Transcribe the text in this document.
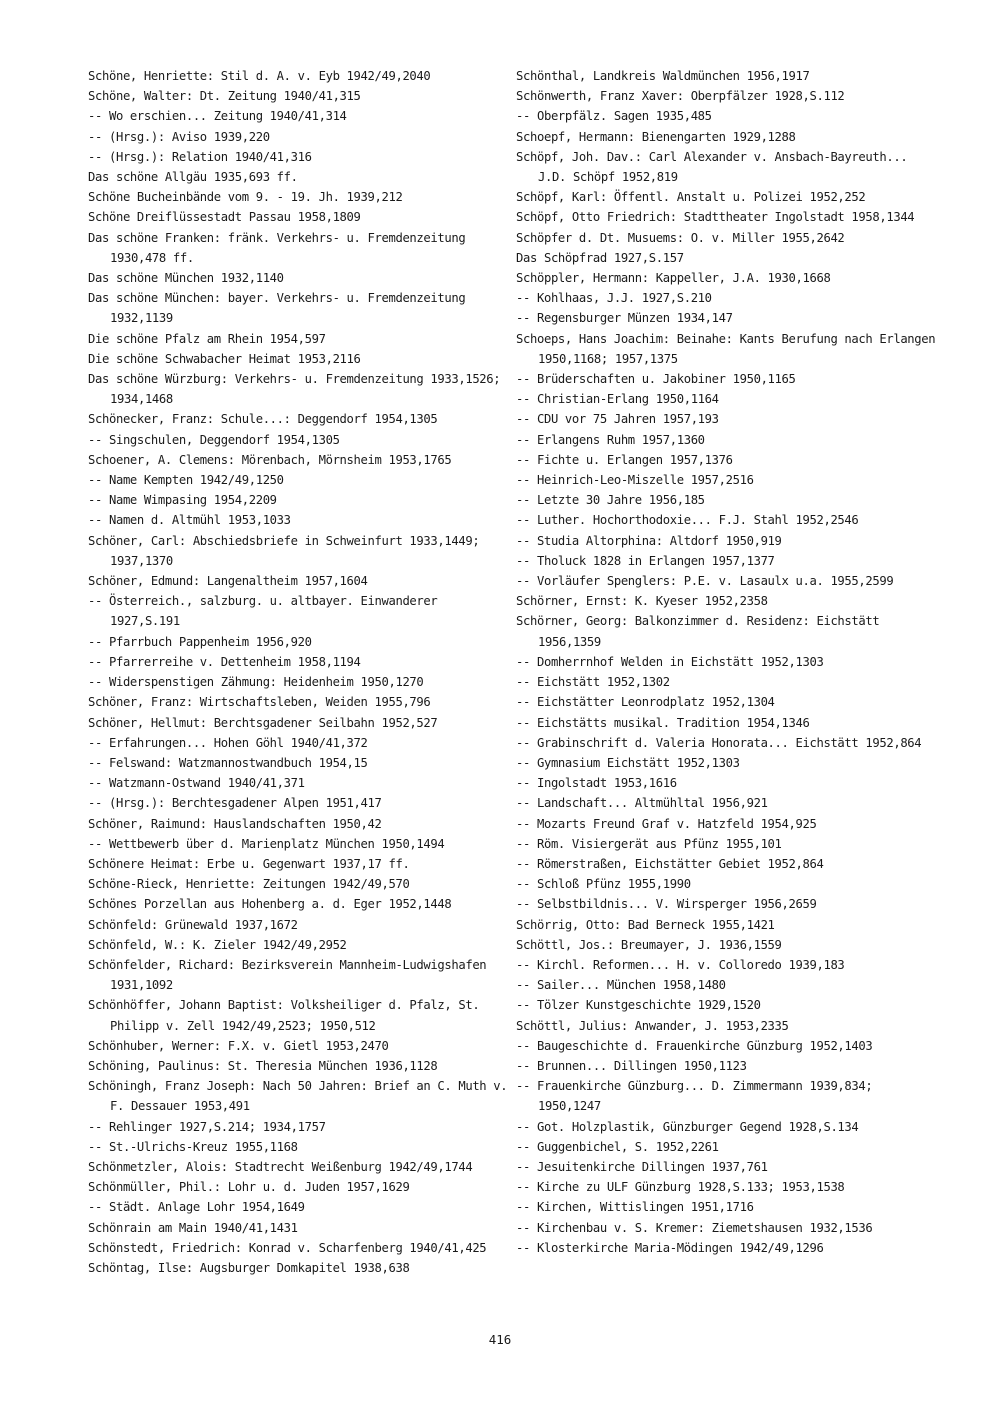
Schöne, Henriette: Stil d. A. v. Eyb 1942/49,2040
Schöne, Walter: Dt. Zeitung 1940/41,315
-- Wo erschien... Zeitung 1940/41,314
-- (Hrsg.): Aviso 1939,220
-- (Hrsg.): Relation 1940/41,316
Das schöne Allgäu 1935,693 ff.
Schöne Bucheinbände vom 9. - 19. Jh. 1939,212
Schöne Dreiflüssestadt Passau 1958,1809
Das schöne Franken: fränk. Verkehrs- u. Fremdenzeitung 1930,478 ff.
Das schöne München 1932,1140
Das schöne München: bayer. Verkehrs- u. Fremdenzeitung 1932,1139
Die schöne Pfalz am Rhein 1954,597
Die schöne Schwabacher Heimat 1953,2116
Das schöne Würzburg: Verkehrs- u. Fremdenzeitung 1933,1526; 1934,1468
Schönecker, Franz: Schule...: Deggendorf 1954,1305
-- Singschulen, Deggendorf 1954,1305
Schoener, A. Clemens: Mörenbach, Mörnsheim 1953,1765
-- Name Kempten 1942/49,1250
-- Name Wimpasing 1954,2209
-- Namen d. Altmühl 1953,1033
Schöner, Carl: Abschiedsbriefe in Schweinfurt 1933,1449; 1937,1370
Schöner, Edmund: Langenaltheim 1957,1604
-- Österreich., salzburg. u. altbayer. Einwanderer 1927,S.191
-- Pfarrbuch Pappenheim 1956,920
-- Pfarrerreihe v. Dettenheim 1958,1194
-- Widerspenstigen Zähmung: Heidenheim 1950,1270
Schöner, Franz: Wirtschaftsleben, Weiden 1955,796
Schöner, Hellmut: Berchtsgadener Seilbahn 1952,527
-- Erfahrungen... Hohen Göhl 1940/41,372
-- Felswand: Watzmannostwandbuch 1954,15
-- Watzmann-Ostwand 1940/41,371
-- (Hrsg.): Berchtesgadener Alpen 1951,417
Schöner, Raimund: Hauslandschaften 1950,42
-- Wettbewerb über d. Marienplatz München 1950,1494
Schönere Heimat: Erbe u. Gegenwart 1937,17 ff.
Schöne-Rieck, Henriette: Zeitungen 1942/49,570
Schönes Porzellan aus Hohenberg a. d. Eger 1952,1448
Schönfeld: Grünewald 1937,1672
Schönfeld, W.: K. Zieler 1942/49,2952
Schönfelder, Richard: Bezirksverein Mannheim-Ludwigshafen 1931,1092
Schönhöffer, Johann Baptist: Volksheiliger d. Pfalz, St. Philipp v. Zell 1942/49,2523; 1950,512
Schönhuber, Werner: F.X. v. Gietl 1953,2470
Schöning, Paulinus: St. Theresia München 1936,1128
Schöningh, Franz Joseph: Nach 50 Jahren: Brief an C. Muth v. F. Dessauer 1953,491
-- Rehlinger 1927,S.214; 1934,1757
-- St.-Ulrichs-Kreuz 1955,1168
Schönmetzler, Alois: Stadtrecht Weißenburg 1942/49,1744
Schönmüller, Phil.: Lohr u. d. Juden 1957,1629
-- Städt. Anlage Lohr 1954,1649
Schönrain am Main 1940/41,1431
Schönstedt, Friedrich: Konrad v. Scharfenberg 1940/41,425
Schöntag, Ilse: Augsburger Domkapitel 1938,638
Schönthal, Landkreis Waldmünchen 1956,1917
Schönwerth, Franz Xaver: Oberpfälzer 1928,S.112
-- Oberpfälz. Sagen 1935,485
Schoepf, Hermann: Bienengarten 1929,1288
Schöpf, Joh. Dav.: Carl Alexander v. Ansbach-Bayreuth... J.D. Schöpf 1952,819
Schöpf, Karl: Öffentl. Anstalt u. Polizei 1952,252
Schöpf, Otto Friedrich: Stadttheater Ingolstadt 1958,1344
Schöpfer d. Dt. Musuems: O. v. Miller 1955,2642
Das Schöpfrad 1927,S.157
Schöppler, Hermann: Kappeller, J.A. 1930,1668
-- Kohlhaas, J.J. 1927,S.210
-- Regensburger Münzen 1934,147
Schoeps, Hans Joachim: Beinahe: Kants Berufung nach Erlangen 1950,1168; 1957,1375
-- Brüderschaften u. Jakobiner 1950,1165
-- Christian-Erlang 1950,1164
-- CDU vor 75 Jahren 1957,193
-- Erlangens Ruhm 1957,1360
-- Fichte u. Erlangen 1957,1376
-- Heinrich-Leo-Miszelle 1957,2516
-- Letzte 30 Jahre 1956,185
-- Luther. Hochorthodoxie... F.J. Stahl 1952,2546
-- Studia Altorphina: Altdorf 1950,919
-- Tholuck 1828 in Erlangen 1957,1377
-- Vorläufer Spenglers: P.E. v. Lasaulx u.a. 1955,2599
Schörner, Ernst: K. Kyeser 1952,2358
Schörner, Georg: Balkonzimmer d. Residenz: Eichstätt 1956,1359
-- Domherrnhof Welden in Eichstätt 1952,1303
-- Eichstätt 1952,1302
-- Eichstätter Leonrodplatz 1952,1304
-- Eichstätts musikal. Tradition 1954,1346
-- Grabinschrift d. Valeria Honorata... Eichstätt 1952,864
-- Gymnasium Eichstätt 1952,1303
-- Ingolstadt 1953,1616
-- Landschaft... Altmühltal 1956,921
-- Mozarts Freund Graf v. Hatzfeld 1954,925
-- Röm. Visiergerät aus Pfünz 1955,101
-- Römerstraßen, Eichstätter Gebiet 1952,864
-- Schloß Pfünz 1955,1990
-- Selbstbildnis... V. Wirsperger 1956,2659
Schörrig, Otto: Bad Berneck 1955,1421
Schöttl, Jos.: Breumayer, J. 1936,1559
-- Kirchl. Reformen... H. v. Colloredo 1939,183
-- Sailer... München 1958,1480
-- Tölzer Kunstgeschichte 1929,1520
Schöttl, Julius: Anwander, J. 1953,2335
-- Baugeschichte d. Frauenkirche Günzburg 1952,1403
-- Brunnen... Dillingen 1950,1123
-- Frauenkirche Günzburg... D. Zimmermann 1939,834; 1950,1247
-- Got. Holzplastik, Günzburger Gegend 1928,S.134
-- Guggenbichel, S. 1952,2261
-- Jesuitenkirche Dillingen 1937,761
-- Kirche zu ULF Günzburg 1928,S.133; 1953,1538
-- Kirchen, Wittislingen 1951,1716
-- Kirchenbau v. S. Kremer: Ziemetshausen 1932,1536
-- Klosterkirche Maria-Mödingen 1942/49,1296
416
